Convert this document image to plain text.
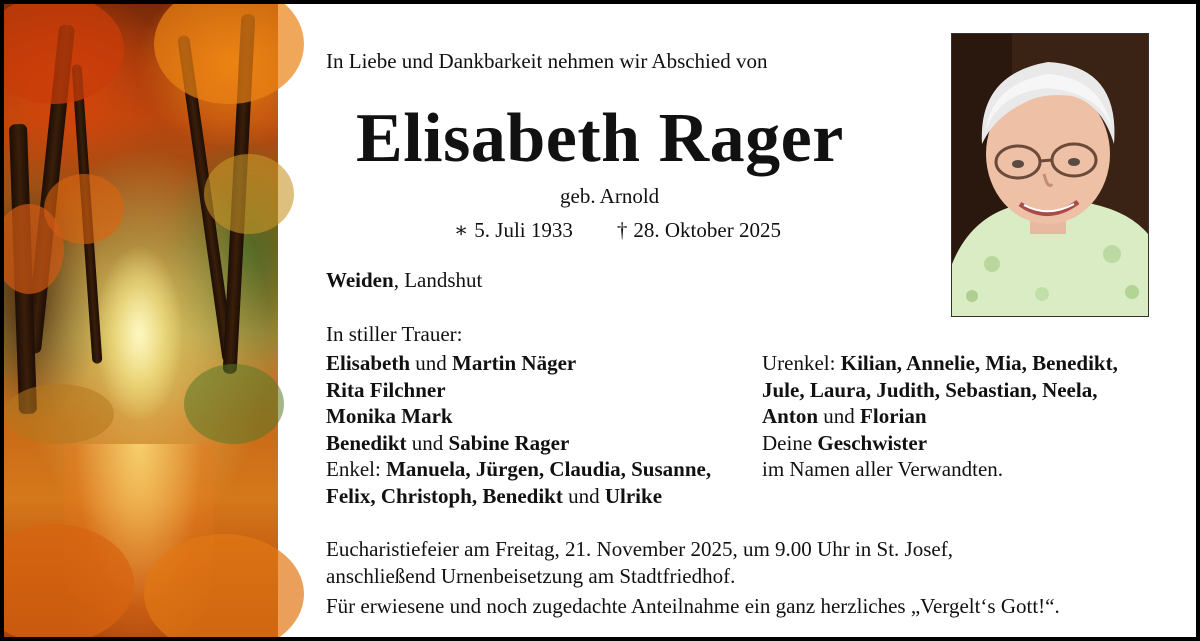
In Liebe und Dankbarkeit nehmen wir Abschied von

Elisabeth Rager
geb. Arnold
∗ 5. Juli 1933 † 28. Oktober 2025
Weiden, Landshut
In stiller Trauer:
Elisabeth und Martin Näger
Rita Filchner
Monika Mark
Benedikt und Sabine Rager
Enkel: Manuela, Jürgen, Claudia, Susanne,
Felix, Christoph, Benedikt und Ulrike
Urenkel: Kilian, Annelie, Mia, Benedikt,
Jule, Laura, Judith, Sebastian, Neela,
Anton und Florian
Deine Geschwister
im Namen aller Verwandten.
Eucharistiefeier am Freitag, 21. November 2025, um 9.00 Uhr in St. Josef,
anschließend Urnenbeisetzung am Stadtfriedhof.
Für erwiesene und noch zugedachte Anteilnahme ein ganz herzliches „Vergelt‘s Gott!“.
